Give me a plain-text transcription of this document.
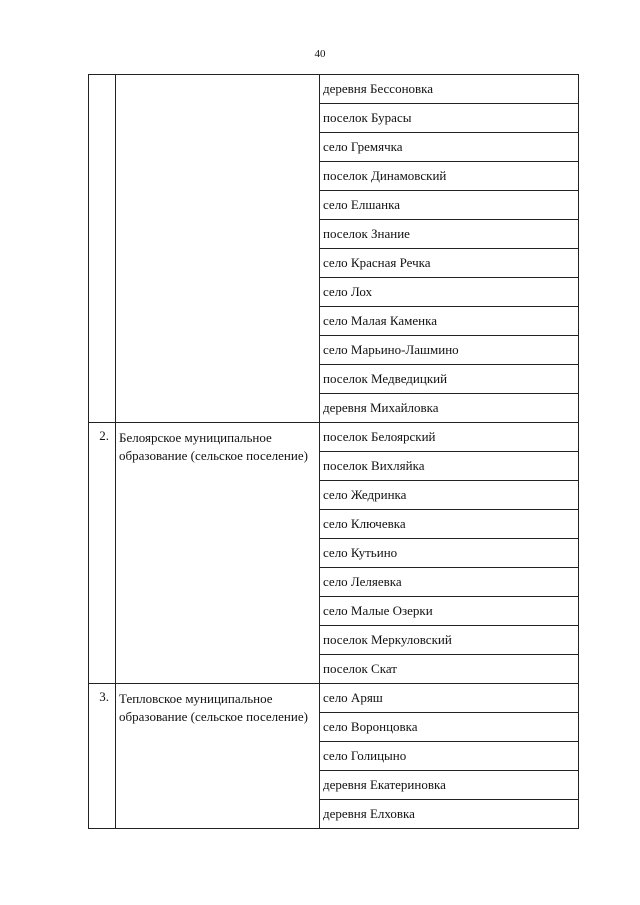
40
		деревня Бессоновка
		поселок Бурасы
		село Гремячка
		поселок Динамовский
		село Елшанка
		поселок Знание
		село Красная Речка
		село Лох
		село Малая Каменка
		село Марьино-Лашмино
		поселок Медведицкий
		деревня Михайловка
2.	Белоярское муниципальное образование (сельское поселение)	поселок Белоярский
		поселок Вихляйка
		село Жедринка
		село Ключевка
		село Кутьино
		село Леляевка
		село Малые Озерки
		поселок Меркуловский
		поселок Скат
3.	Тепловское муниципальное образование (сельское поселение)	село Аряш
		село Воронцовка
		село Голицыно
		деревня Екатериновка
		деревня Елховка
